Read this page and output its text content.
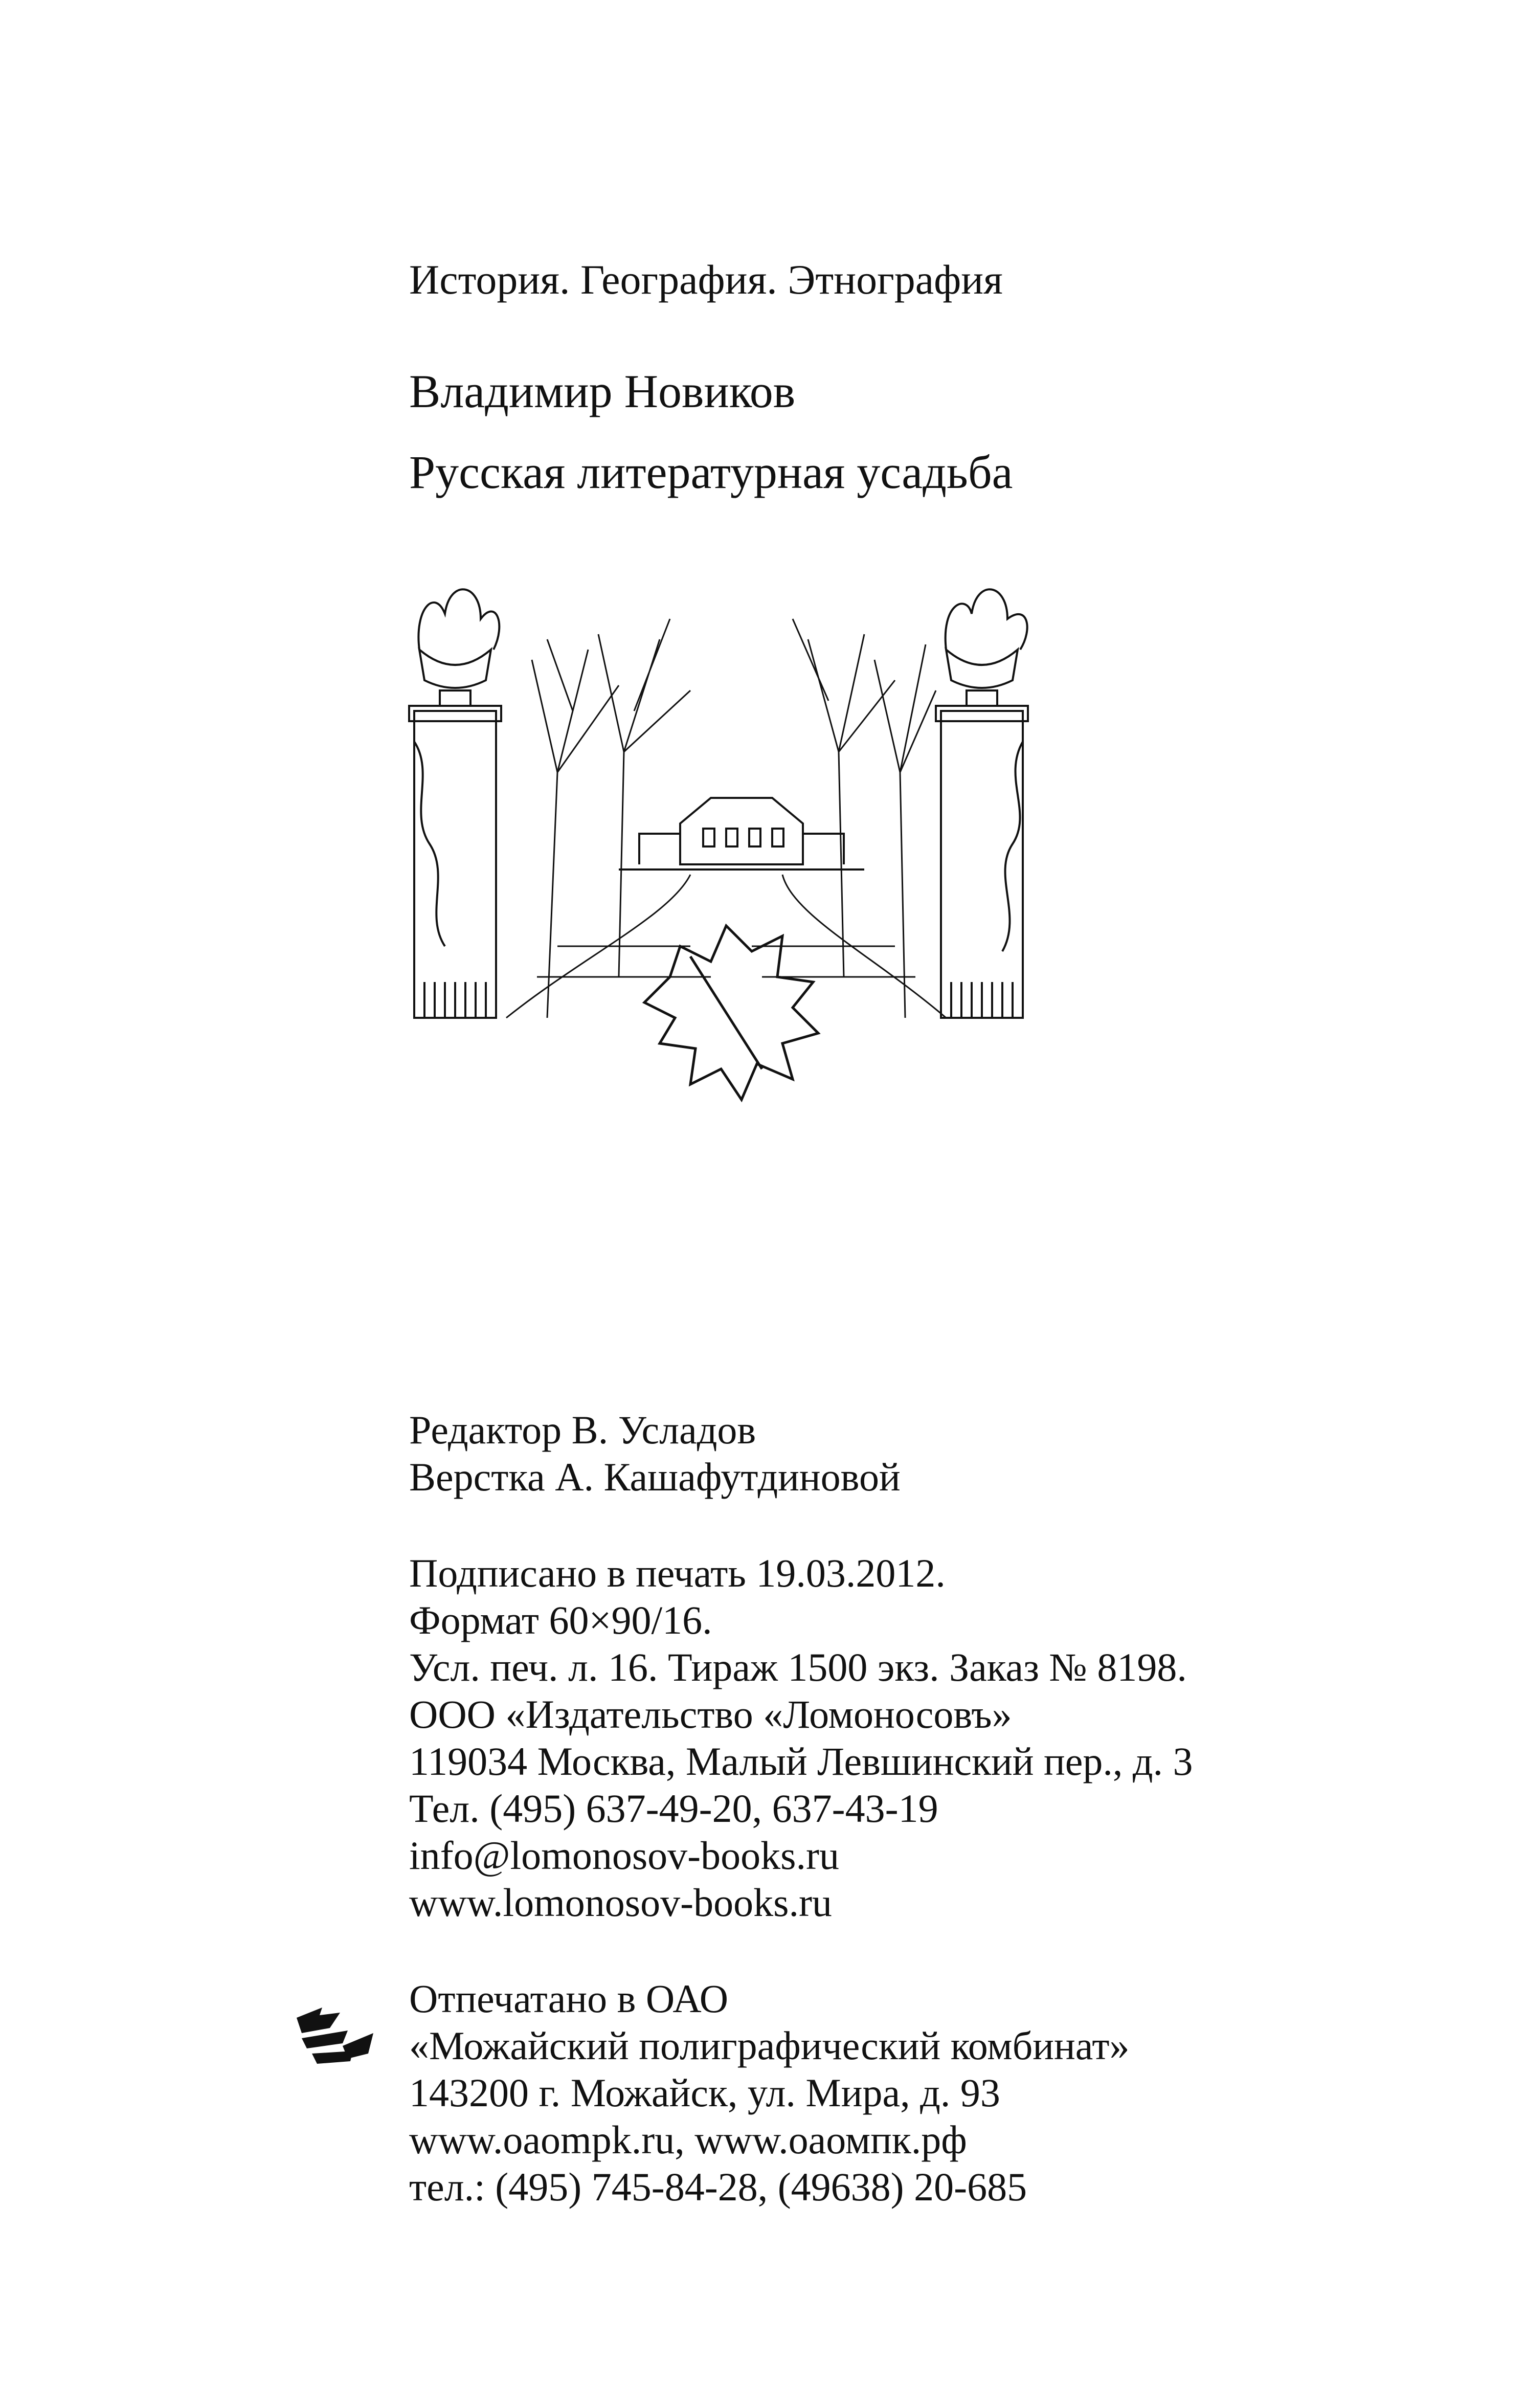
История. География. Этнография
Владимир Новиков
Русская литературная усадьба
Редактор В. Усладов
Верстка А. Кашафутдиновой
Подписано в печать 19.03.2012.
Формат 60×90/16.
Усл. печ. л. 16. Тираж 1500 экз. Заказ № 8198.
ООО «Издательство «Ломоносовъ»
119034 Москва, Малый Левшинский пер., д. 3
Тел. (495) 637-49-20, 637-43-19
info@lomonosov-books.ru
www.lomonosov-books.ru
Отпечатано в ОАО
«Можайский полиграфический комбинат»
143200 г. Можайск, ул. Мира, д. 93
www.oaompk.ru, www.оаомпк.рф
тел.: (495) 745-84-28, (49638) 20-685
